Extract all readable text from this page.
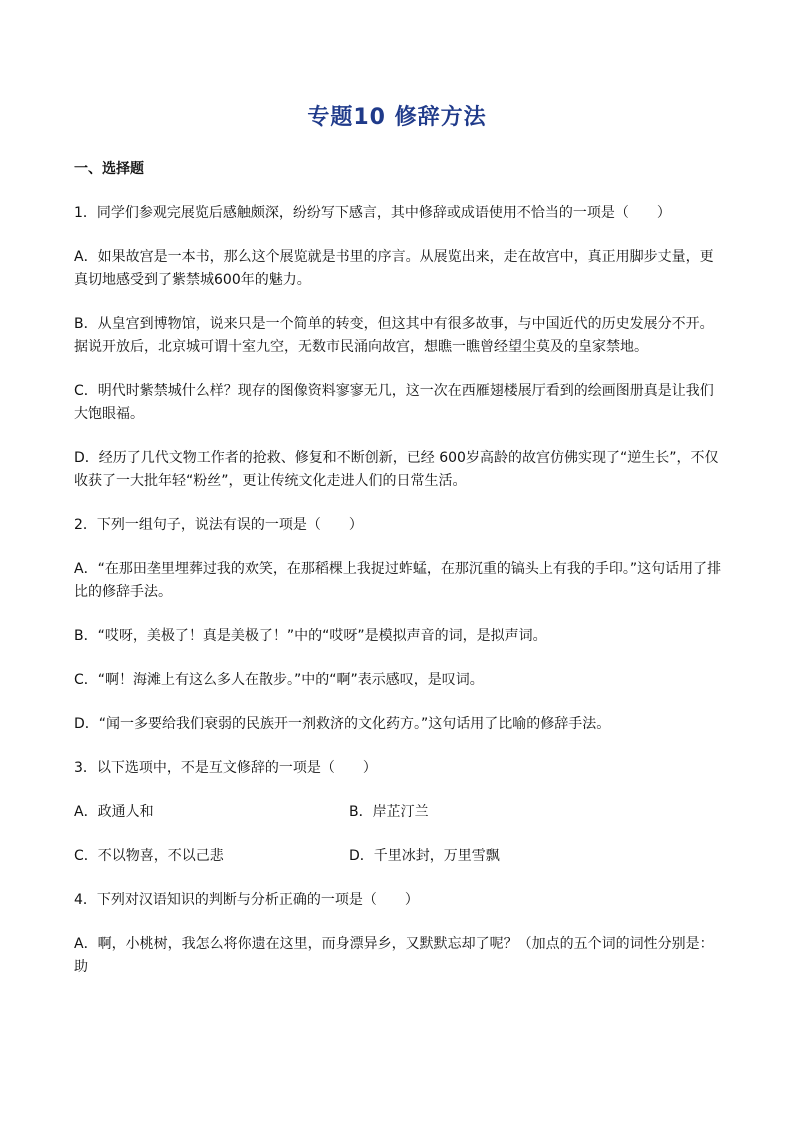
专题10 修辞方法
一、选择题

1．同学们参观完展览后感触颇深，纷纷写下感言，其中修辞或成语使用不恰当的一项是（　　）

A．如果故宫是一本书，那么这个展览就是书里的序言。从展览出来，走在故宫中，真正用脚步丈量，更真切地感受到了紫禁城600年的魅力。

B．从皇宫到博物馆，说来只是一个简单的转变，但这其中有很多故事，与中国近代的历史发展分不开。据说开放后，北京城可谓十室九空，无数市民涌向故宫，想瞧一瞧曾经望尘莫及的皇家禁地。

C．明代时紫禁城什么样？现存的图像资料寥寥无几，这一次在西雁翅楼展厅看到的绘画图册真是让我们大饱眼福。

D．经历了几代文物工作者的抢救、修复和不断创新，已经 600岁高龄的故宫仿佛实现了“逆生长”，不仅收获了一大批年轻“粉丝”，更让传统文化走进人们的日常生活。

2．下列一组句子，说法有误的一项是（　　）

A．“在那田垄里埋葬过我的欢笑，在那稻棵上我捉过蚱蜢，在那沉重的镐头上有我的手印。”这句话用了排比的修辞手法。

B．“哎呀，美极了！真是美极了！”中的“哎呀”是模拟声音的词，是拟声词。

C．“啊！海滩上有这么多人在散步。”中的“啊”表示感叹，是叹词。

D．“闻一多要给我们衰弱的民族开一剂救济的文化药方。”这句话用了比喻的修辞手法。

3．以下选项中，不是互文修辞的一项是（　　）

A．政通人和	B．岸芷汀兰
C．不以物喜，不以己悲	D．千里冰封，万里雪飘

4．下列对汉语知识的判断与分析正确的一项是（　　）

A．啊，小桃树，我怎么将你遗在这里，而身漂异乡，又默默忘却了呢？（加点的五个词的词性分别是：助
